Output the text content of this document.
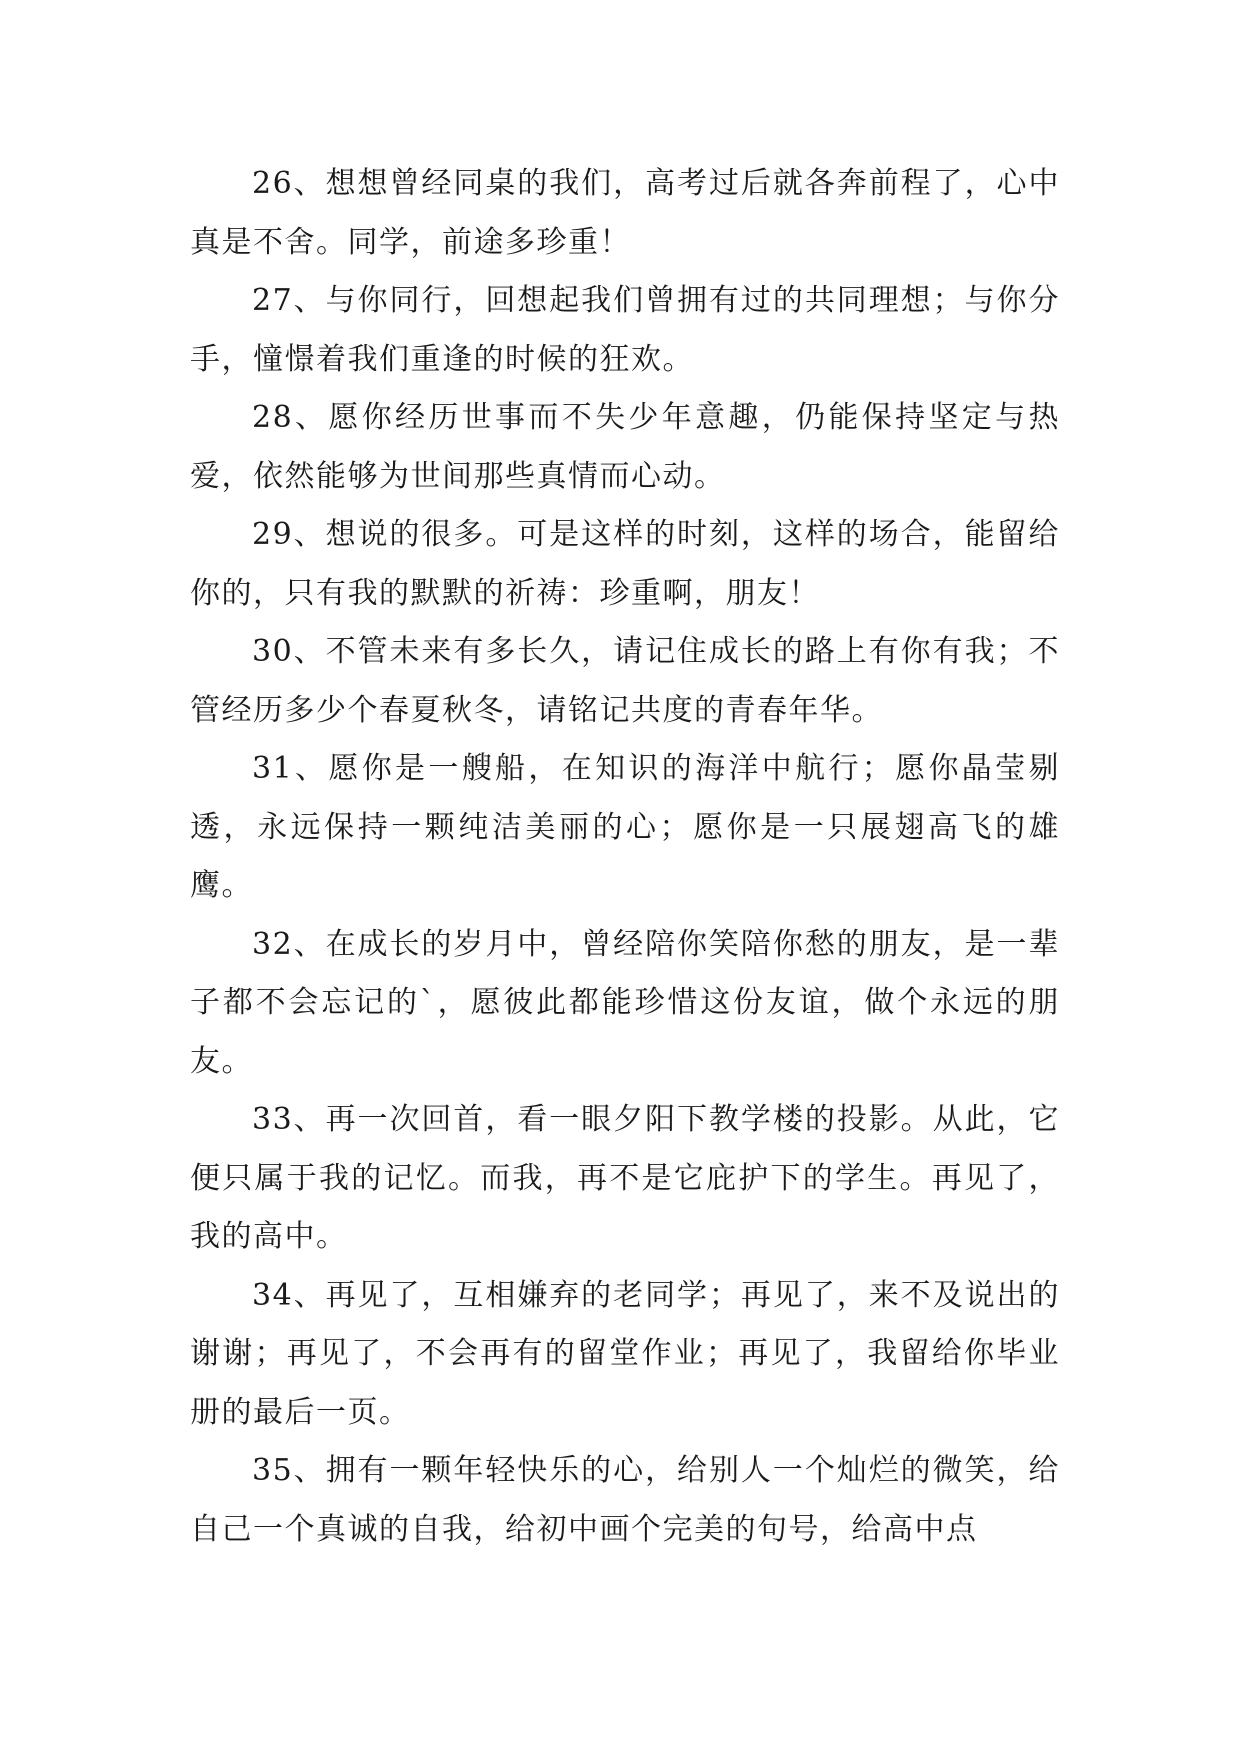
26、想想曾经同桌的我们，高考过后就各奔前程了，心中真是不舍。同学，前途多珍重！

27、与你同行，回想起我们曾拥有过的共同理想；与你分手，憧憬着我们重逢的时候的狂欢。

28、愿你经历世事而不失少年意趣，仍能保持坚定与热爱，依然能够为世间那些真情而心动。

29、想说的很多。可是这样的时刻，这样的场合，能留给你的，只有我的默默的祈祷：珍重啊，朋友！

30、不管未来有多长久，请记住成长的路上有你有我；不管经历多少个春夏秋冬，请铭记共度的青春年华。

31、愿你是一艘船，在知识的海洋中航行；愿你晶莹剔透，永远保持一颗纯洁美丽的心；愿你是一只展翅高飞的雄鹰。

32、在成长的岁月中，曾经陪你笑陪你愁的朋友，是一辈子都不会忘记的`，愿彼此都能珍惜这份友谊，做个永远的朋友。

33、再一次回首，看一眼夕阳下教学楼的投影。从此，它便只属于我的记忆。而我，再不是它庇护下的学生。再见了，我的高中。

34、再见了，互相嫌弃的老同学；再见了，来不及说出的谢谢；再见了，不会再有的留堂作业；再见了，我留给你毕业册的最后一页。

35、拥有一颗年轻快乐的心，给别人一个灿烂的微笑，给自己一个真诚的自我，给初中画个完美的句号，给高中点
